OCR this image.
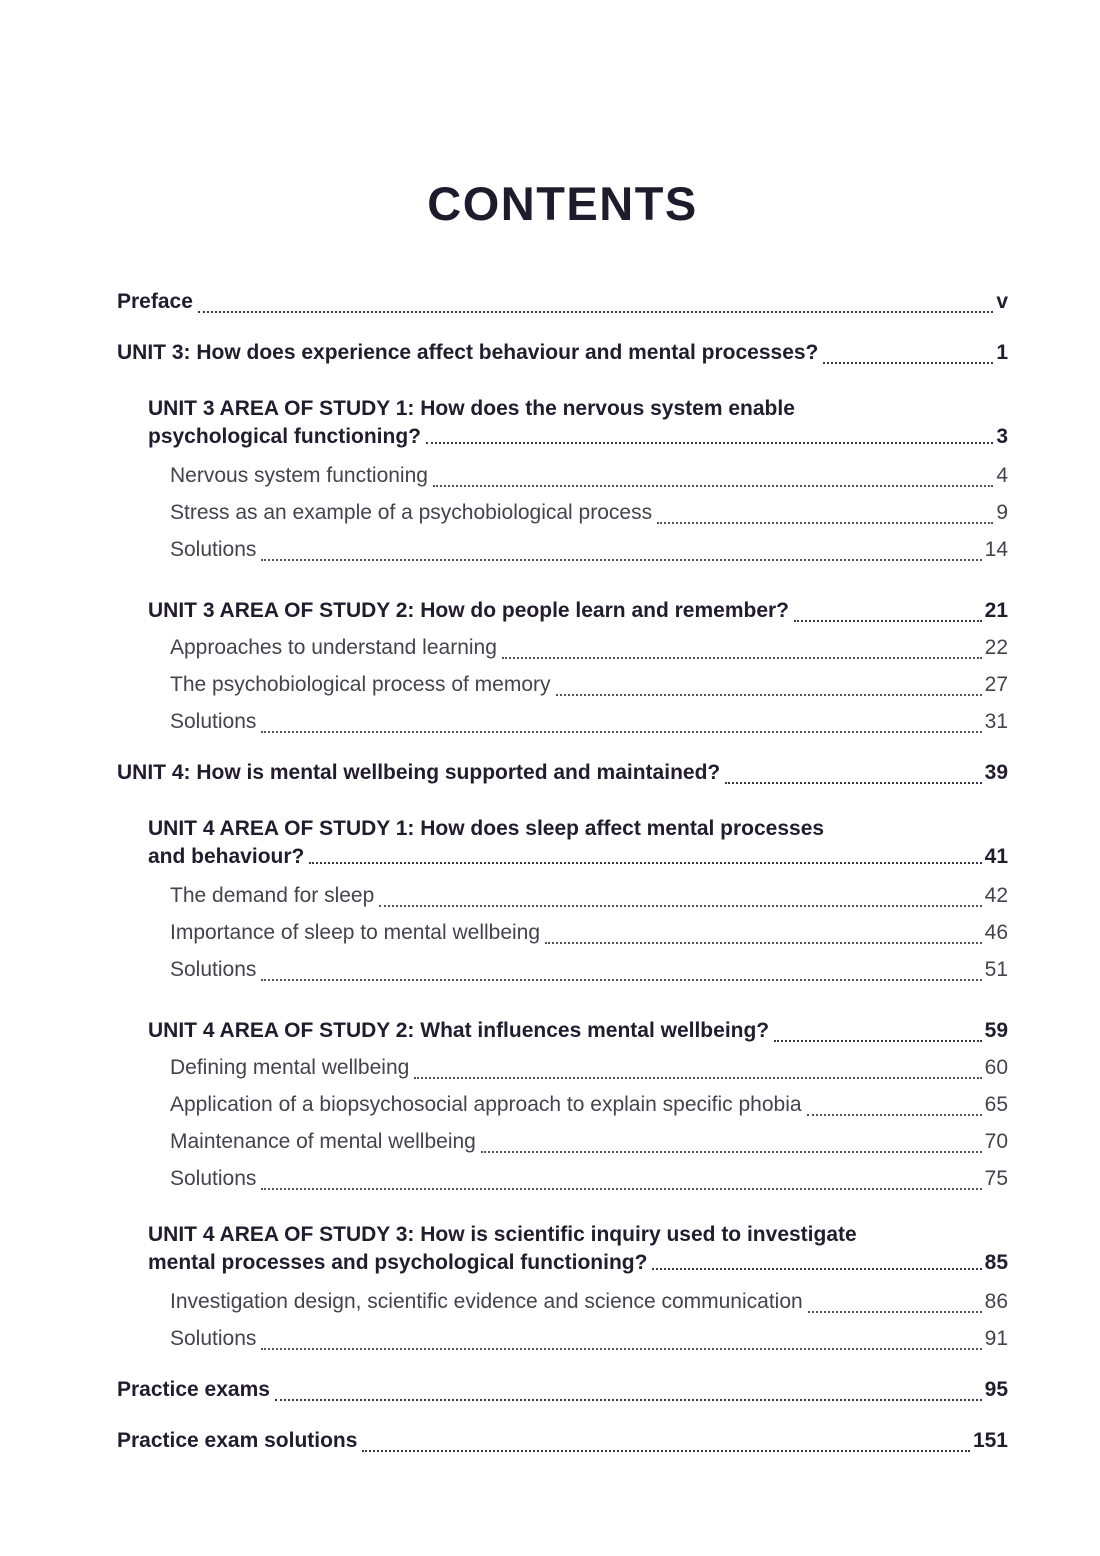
CONTENTS
Preface	v
UNIT 3: How does experience affect behaviour and mental processes?	1
UNIT 3 AREA OF STUDY 1: How does the nervous system enable
psychological functioning?	3
Nervous system functioning	4
Stress as an example of a psychobiological process	9
Solutions	14
UNIT 3 AREA OF STUDY 2: How do people learn and remember?	21
Approaches to understand learning	22
The psychobiological process of memory	27
Solutions	31
UNIT 4: How is mental wellbeing supported and maintained?	39
UNIT 4 AREA OF STUDY 1: How does sleep affect mental processes
and behaviour?	41
The demand for sleep	42
Importance of sleep to mental wellbeing	46
Solutions	51
UNIT 4 AREA OF STUDY 2: What influences mental wellbeing?	59
Defining mental wellbeing	60
Application of a biopsychosocial approach to explain specific phobia	65
Maintenance of mental wellbeing	70
Solutions	75
UNIT 4 AREA OF STUDY 3: How is scientific inquiry used to investigate
mental processes and psychological functioning?	85
Investigation design, scientific evidence and science communication	86
Solutions	91
Practice exams	95
Practice exam solutions	151
